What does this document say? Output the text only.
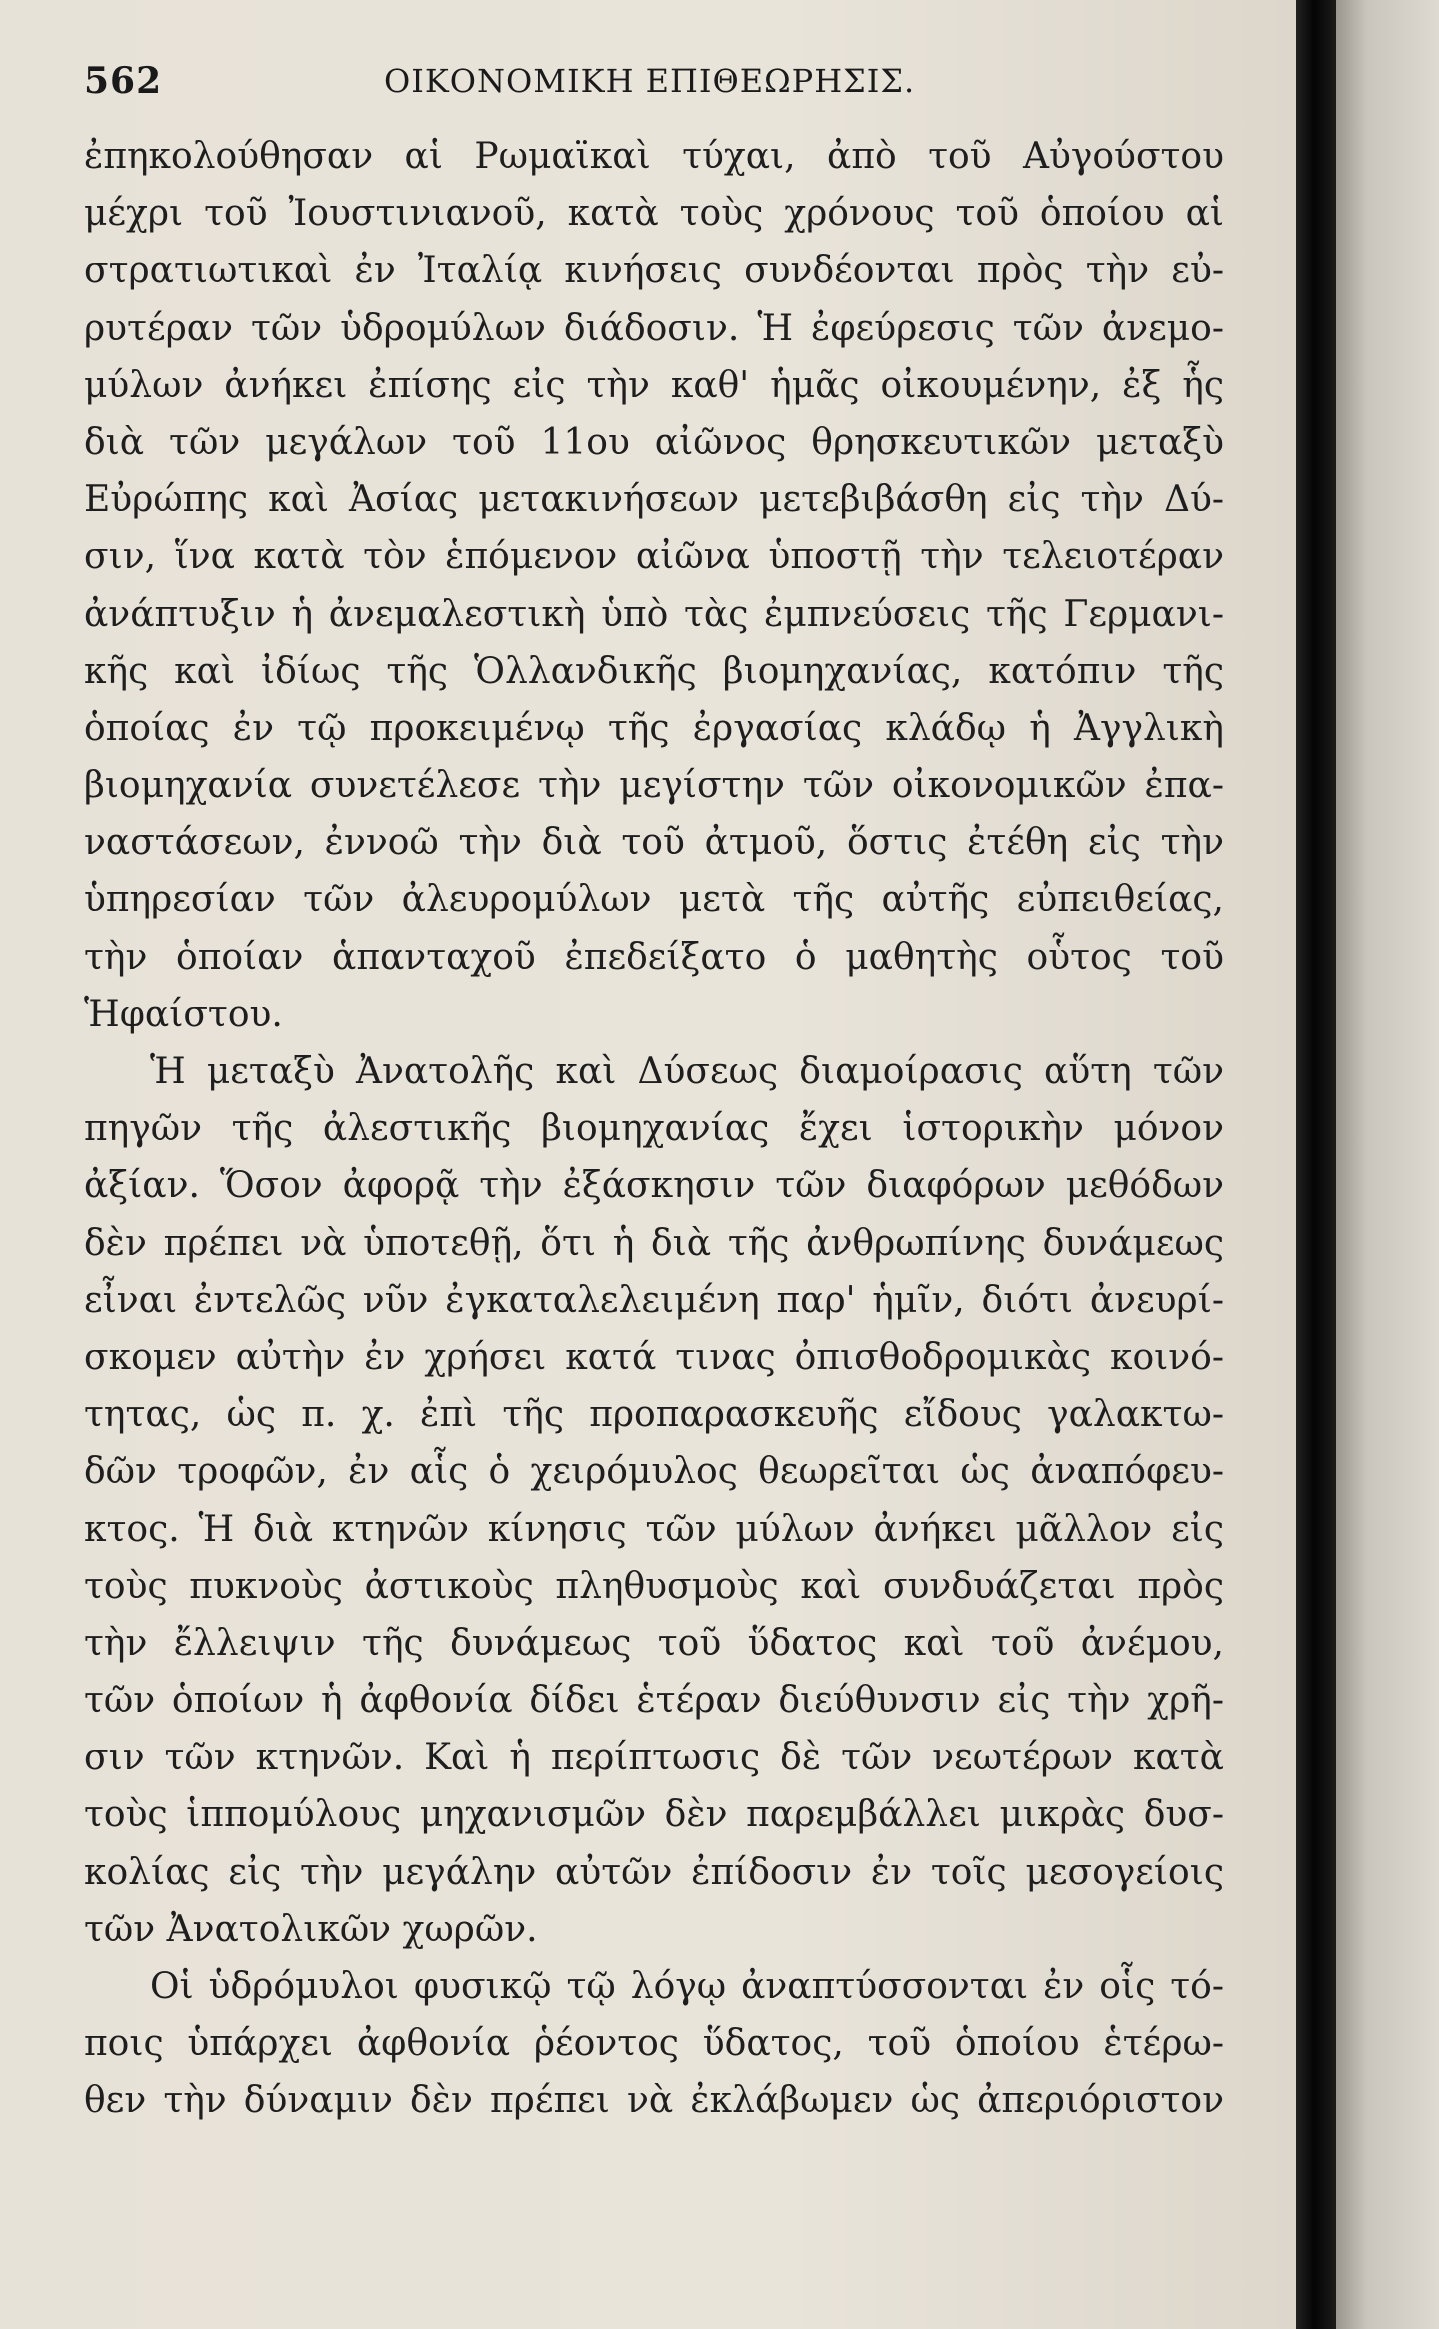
562	ΟΙΚΟΝΟΜΙΚΗ ΕΠΙΘΕΩΡΗΣΙΣ.
ἐπηκολούθησαν αἱ Ρωμαϊκαὶ τύχαι, ἀπὸ τοῦ Αὐγούστου
μέχρι τοῦ Ἰουστινιανοῦ, κατὰ τοὺς χρόνους τοῦ ὁποίου αἱ
στρατιωτικαὶ ἐν Ἰταλίᾳ κινήσεις συνδέονται πρὸς τὴν εὐ-
ρυτέραν τῶν ὑδρομύλων διάδοσιν. Ἡ ἐφεύρεσις τῶν ἀνεμο-
μύλων ἀνήκει ἐπίσης εἰς τὴν καθ' ἡμᾶς οἰκουμένην, ἐξ ἧς
διὰ τῶν μεγάλων τοῦ 11ου αἰῶνος θρησκευτικῶν μεταξὺ
Εὐρώπης καὶ Ἀσίας μετακινήσεων μετεβιβάσθη εἰς τὴν Δύ-
σιν, ἵνα κατὰ τὸν ἑπόμενον αἰῶνα ὑποστῇ τὴν τελειοτέραν
ἀνάπτυξιν ἡ ἀνεμαλεστικὴ ὑπὸ τὰς ἐμπνεύσεις τῆς Γερμανι-
κῆς καὶ ἰδίως τῆς Ὁλλανδικῆς βιομηχανίας, κατόπιν τῆς
ὁποίας ἐν τῷ προκειμένῳ τῆς ἐργασίας κλάδῳ ἡ Ἀγγλικὴ
βιομηχανία συνετέλεσε τὴν μεγίστην τῶν οἰκονομικῶν ἐπα-
ναστάσεων, ἐννοῶ τὴν διὰ τοῦ ἀτμοῦ, ὅστις ἐτέθη εἰς τὴν
ὑπηρεσίαν τῶν ἀλευρομύλων μετὰ τῆς αὐτῆς εὐπειθείας,
τὴν ὁποίαν ἁπανταχοῦ ἐπεδείξατο ὁ μαθητὴς οὗτος τοῦ
Ἡφαίστου.
Ἡ μεταξὺ Ἀνατολῆς καὶ Δύσεως διαμοίρασις αὕτη τῶν
πηγῶν τῆς ἀλεστικῆς βιομηχανίας ἔχει ἱστορικὴν μόνον
ἀξίαν. Ὅσον ἀφορᾷ τὴν ἐξάσκησιν τῶν διαφόρων μεθόδων
δὲν πρέπει νὰ ὑποτεθῇ, ὅτι ἡ διὰ τῆς ἀνθρωπίνης δυνάμεως
εἶναι ἐντελῶς νῦν ἐγκαταλελειμένη παρ' ἡμῖν, διότι ἀνευρί-
σκομεν αὐτὴν ἐν χρήσει κατά τινας ὀπισθοδρομικὰς κοινό-
τητας, ὡς π. χ. ἐπὶ τῆς προπαρασκευῆς εἴδους γαλακτω-
δῶν τροφῶν, ἐν αἷς ὁ χειρόμυλος θεωρεῖται ὡς ἀναπόφευ-
κτος. Ἡ διὰ κτηνῶν κίνησις τῶν μύλων ἀνήκει μᾶλλον εἰς
τοὺς πυκνοὺς ἀστικοὺς πληθυσμοὺς καὶ συνδυάζεται πρὸς
τὴν ἔλλειψιν τῆς δυνάμεως τοῦ ὕδατος καὶ τοῦ ἀνέμου,
τῶν ὁποίων ἡ ἀφθονία δίδει ἑτέραν διεύθυνσιν εἰς τὴν χρῆ-
σιν τῶν κτηνῶν. Καὶ ἡ περίπτωσις δὲ τῶν νεωτέρων κατὰ
τοὺς ἱππομύλους μηχανισμῶν δὲν παρεμβάλλει μικρὰς δυσ-
κολίας εἰς τὴν μεγάλην αὐτῶν ἐπίδοσιν ἐν τοῖς μεσογείοις
τῶν Ἀνατολικῶν χωρῶν.
Οἱ ὑδρόμυλοι φυσικῷ τῷ λόγῳ ἀναπτύσσονται ἐν οἷς τό-
ποις ὑπάρχει ἀφθονία ῥέοντος ὕδατος, τοῦ ὁποίου ἑτέρω-
θεν τὴν δύναμιν δὲν πρέπει νὰ ἐκλάβωμεν ὡς ἀπεριόριστον
